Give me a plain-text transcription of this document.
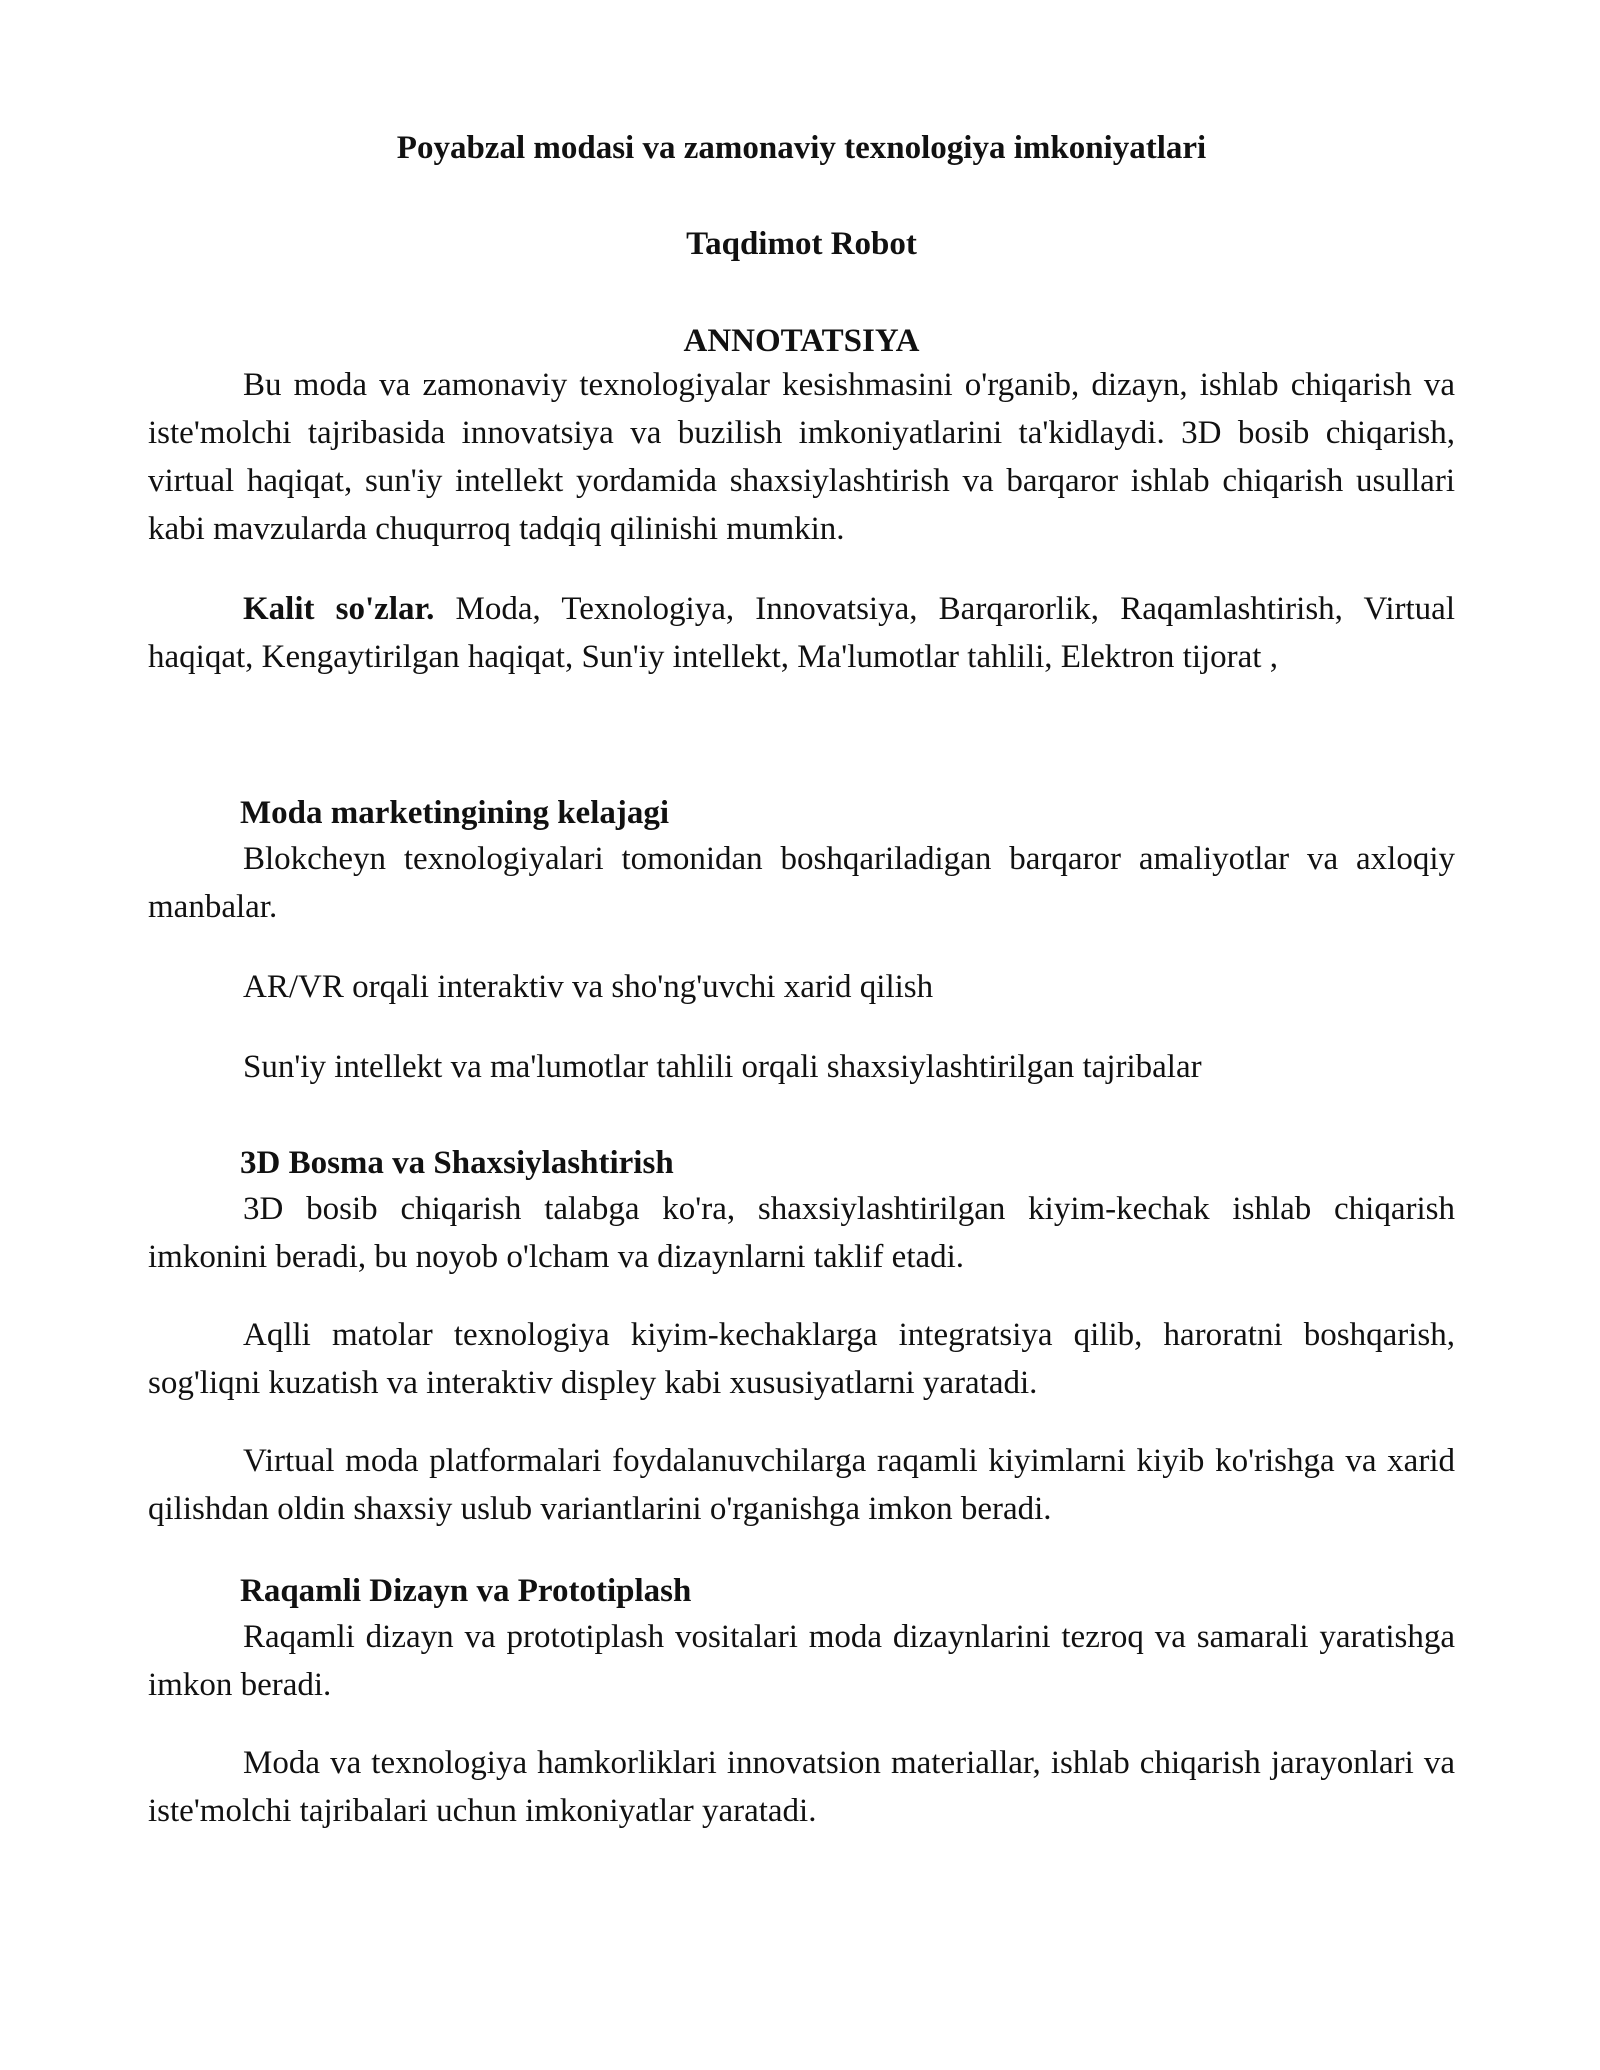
Poyabzal modasi va zamonaviy texnologiya imkoniyatlari

Taqdimot Robot

ANNOTATSIYA

Bu moda va zamonaviy texnologiyalar kesishmasini o'rganib, dizayn, ishlab chiqarish va iste'molchi tajribasida innovatsiya va buzilish imkoniyatlarini ta'kidlaydi. 3D bosib chiqarish, virtual haqiqat, sun'iy intellekt yordamida shaxsiylashtirish va barqaror ishlab chiqarish usullari kabi mavzularda chuqurroq tadqiq qilinishi mumkin.

Kalit so'zlar. Moda, Texnologiya, Innovatsiya, Barqarorlik, Raqamlashtirish, Virtual haqiqat, Kengaytirilgan haqiqat, Sun'iy intellekt, Ma'lumotlar tahlili, Elektron tijorat ,

Moda marketingining kelajagi

Blokcheyn texnologiyalari tomonidan boshqariladigan barqaror amaliyotlar va axloqiy manbalar.

AR/VR orqali interaktiv va sho'ng'uvchi xarid qilish

Sun'iy intellekt va ma'lumotlar tahlili orqali shaxsiylashtirilgan tajribalar

3D Bosma va Shaxsiylashtirish

3D bosib chiqarish talabga ko'ra, shaxsiylashtirilgan kiyim-kechak ishlab chiqarish imkonini beradi, bu noyob o'lcham va dizaynlarni taklif etadi.

Aqlli matolar texnologiya kiyim-kechaklarga integratsiya qilib, haroratni boshqarish, sog'liqni kuzatish va interaktiv displey kabi xususiyatlarni yaratadi.

Virtual moda platformalari foydalanuvchilarga raqamli kiyimlarni kiyib ko'rishga va xarid qilishdan oldin shaxsiy uslub variantlarini o'rganishga imkon beradi.

Raqamli Dizayn va Prototiplash

Raqamli dizayn va prototiplash vositalari moda dizaynlarini tezroq va samarali yaratishga imkon beradi.

Moda va texnologiya hamkorliklari innovatsion materiallar, ishlab chiqarish jarayonlari va iste'molchi tajribalari uchun imkoniyatlar yaratadi.
